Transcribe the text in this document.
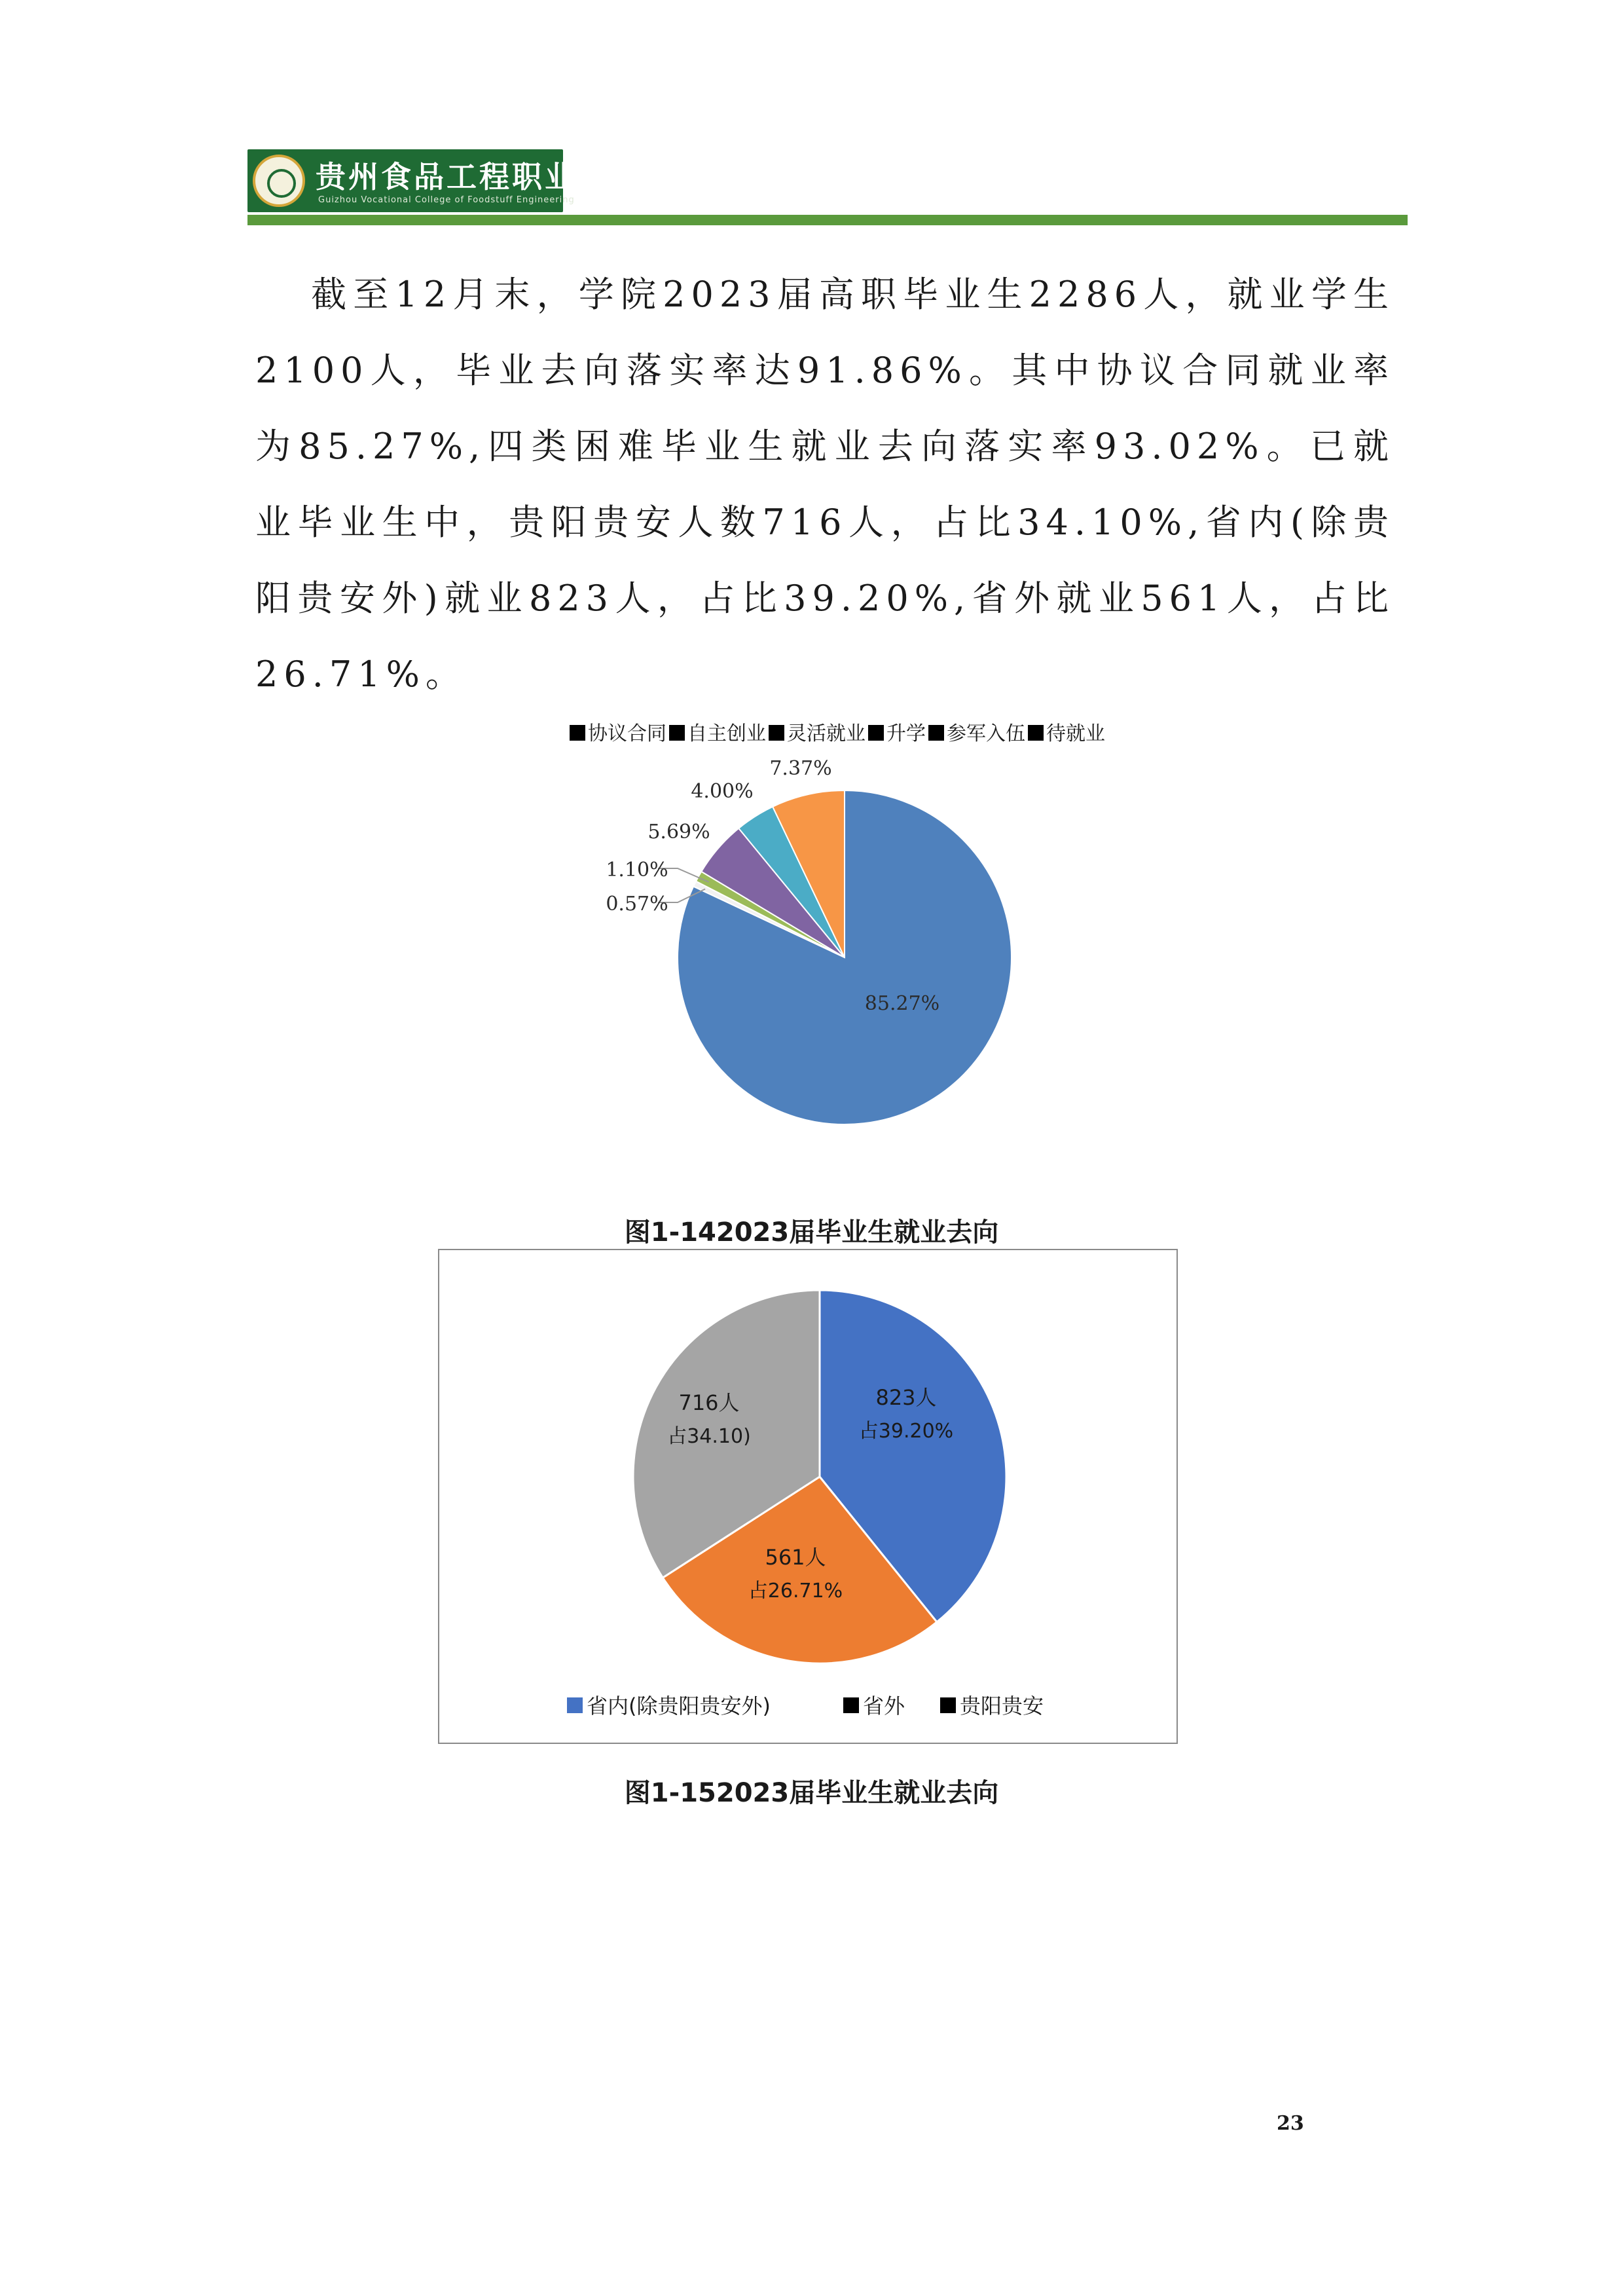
贵州食品工程职业学院
Guizhou Vocational College of Foodstuff Engineering
截至12月末，学院2023届高职毕业生2286人，就业学生2100人，毕业去向落实率达91.86%。其中协议合同就业率为85.27%,四类困难毕业生就业去向落实率93.02%。已就业毕业生中，贵阳贵安人数716人，占比34.10%,省内(除贵阳贵安外)就业823人，占比39.20%,省外就业561人，占比26.71%。
协议合同 自主创业 灵活就业 升学 参军入伍 待就业
85.27%
0.57%
1.10%
5.69%
4.00%
7.37%
823人
占39.20%
561人
占26.71%
716人
占34.10)
省内(除贵阳贵安外)	省外	贵阳贵安
图1-142023届毕业生就业去向
图1-152023届毕业生就业去向
23
